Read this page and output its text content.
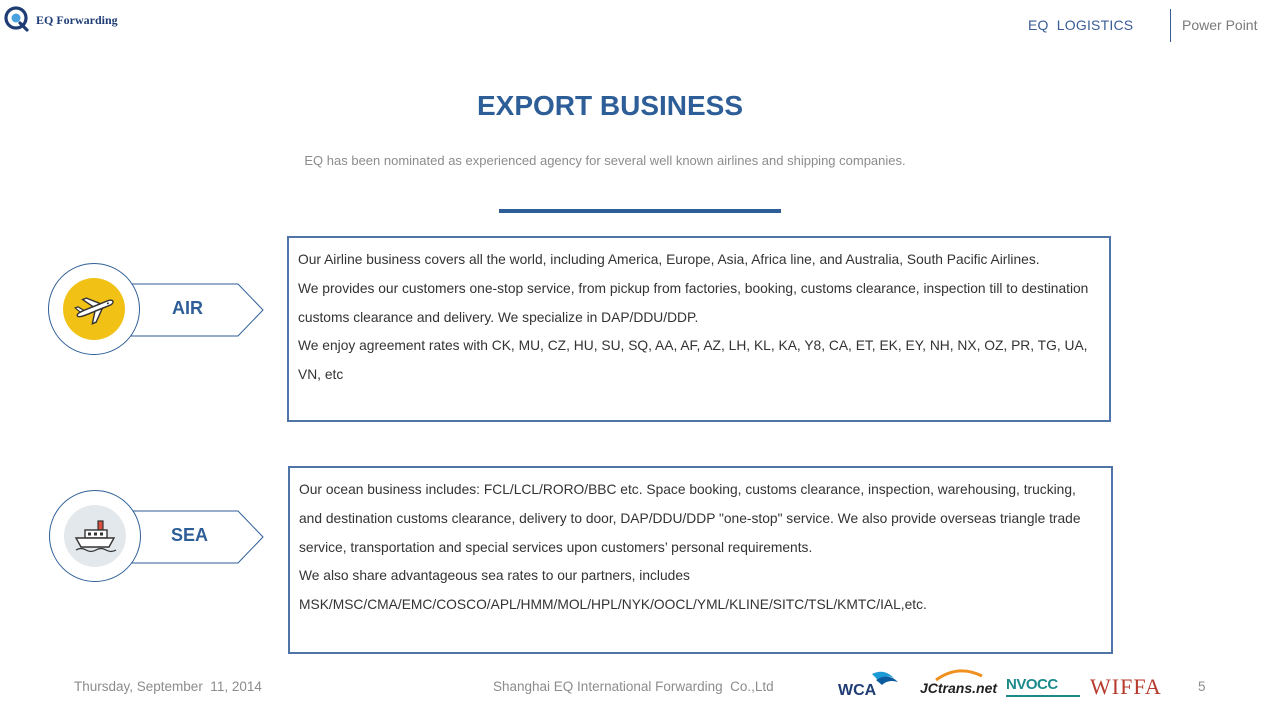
EQ Forwarding	EQ  LOGISTICS	Power Point
EXPORT BUSINESS
EQ has been nominated as experienced agency for several well known airlines and shipping companies.
AIR

Our Airline business covers all the world, including America, Europe, Asia, Africa line, and Australia, South Pacific Airlines.

We provides our customers one-stop service, from pickup from factories, booking, customs clearance, inspection till to destination customs clearance and delivery. We specialize in DAP/DDU/DDP.

We enjoy agreement rates with CK, MU, CZ, HU, SU, SQ, AA, AF, AZ, LH, KL, KA, Y8, CA, ET, EK, EY, NH, NX, OZ, PR, TG, UA, VN, etc

SEA

Our ocean business includes: FCL/LCL/RORO/BBC etc. Space booking, customs clearance, inspection, warehousing, trucking, and destination customs clearance, delivery to door, DAP/DDU/DDP "one-stop" service. We also provide overseas triangle trade service, transportation and special services upon customers’ personal requirements.

We also share advantageous sea rates to our partners, includes MSK/MSC/CMA/EMC/COSCO/APL/HMM/MOL/HPL/NYK/OOCL/YML/KLINE/SITC/TSL/KMTC/IAL,etc.

Thursday, September  11, 2014	Shanghai EQ International Forwarding  Co.,Ltd	WCA	JCtrans.net NVOCC WIFFA	5
